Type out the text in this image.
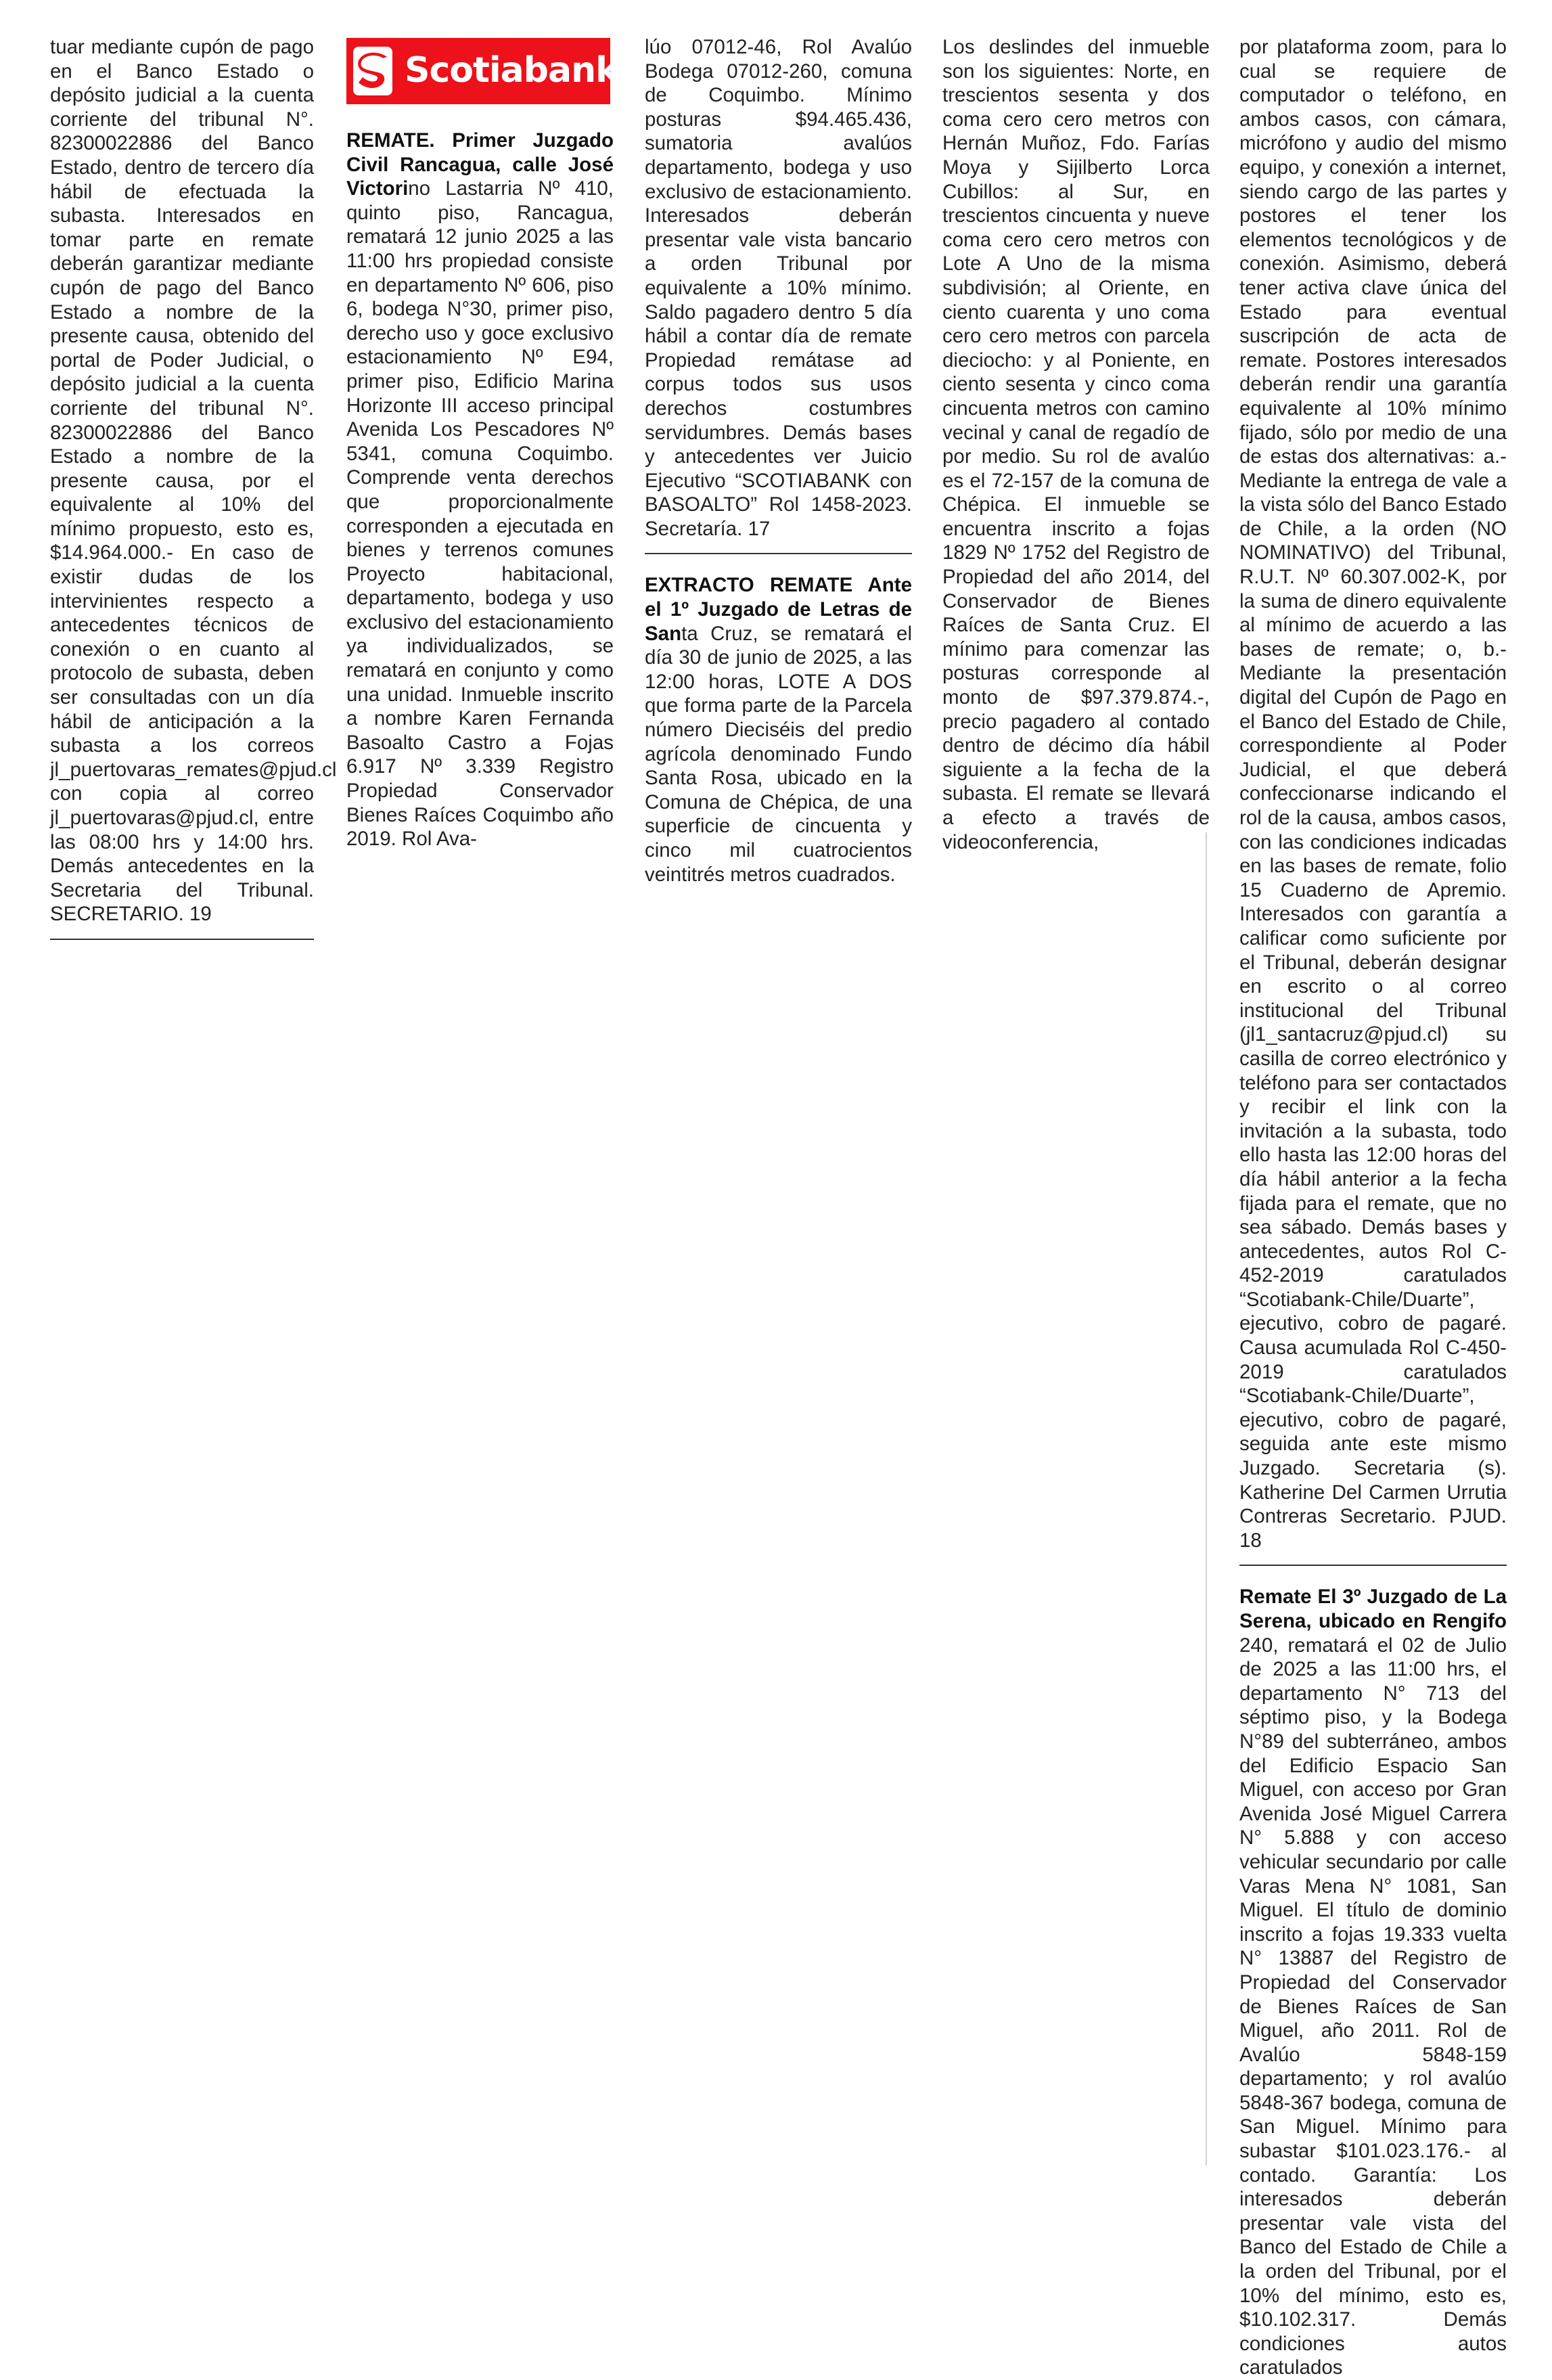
tuar mediante cupón de pago en el Banco Estado o depósito judicial a la cuenta corriente del tribunal N°. 82300022886 del Banco Estado, dentro de tercero día hábil de efectuada la subasta. Interesados en tomar parte en remate deberán garantizar mediante cupón de pago del Banco Estado a nombre de la presente causa, obtenido del portal de Poder Judicial, o depósito judicial a la cuenta corriente del tribunal N°. 82300022886 del Banco Estado a nombre de la presente causa, por el equivalente al 10% del mínimo propuesto, esto es, $14.964.000.- En caso de existir dudas de los intervinientes respecto a antecedentes técnicos de conexión o en cuanto al protocolo de subasta, deben ser consultadas con un día hábil de anticipación a la subasta a los correos jl_puertovaras_remates@pjud.cl con copia al correo jl_puertovaras@pjud.cl, entre las 08:00 hrs y 14:00 hrs. Demás antecedentes en la Secretaria del Tribunal. SECRETARIO. 19

Scotiabank ™

REMATE. Primer Juzgado Civil Rancagua, calle José Victorino Lastarria Nº 410, quinto piso, Rancagua, rematará 12 junio 2025 a las 11:00 hrs propiedad consiste en departamento Nº 606, piso 6, bodega N°30, primer piso, derecho uso y goce exclusivo estacionamiento Nº E94, primer piso, Edificio Marina Horizonte III acceso principal Avenida Los Pescadores Nº 5341, comuna Coquimbo. Comprende venta derechos que proporcionalmente corresponden a ejecutada en bienes y terrenos comunes Proyecto habitacional, departamento, bodega y uso exclusivo del estacionamiento ya individualizados, se rematará en conjunto y como una unidad. Inmueble inscrito a nombre Karen Fernanda Basoalto Castro a Fojas 6.917 Nº 3.339 Registro Propiedad Conservador Bienes Raíces Coquimbo año 2019. Rol Ava-

lúo 07012-46, Rol Avalúo Bodega 07012-260, comuna de Coquimbo. Mínimo posturas $94.465.436, sumatoria avalúos departamento, bodega y uso exclusivo de estacionamiento. Interesados deberán presentar vale vista bancario a orden Tribunal por equivalente a 10% mínimo. Saldo pagadero dentro 5 día hábil a contar día de remate Propiedad remátase ad corpus todos sus usos derechos costumbres servidumbres. Demás bases y antecedentes ver Juicio Ejecutivo “SCOTIABANK con BASOALTO” Rol 1458-2023. Secretaría. 17

EXTRACTO REMATE Ante el 1º Juzgado de Letras de Santa Cruz, se rematará el día 30 de junio de 2025, a las 12:00 horas, LOTE A DOS que forma parte de la Parcela número Dieciséis del predio agrícola denominado Fundo Santa Rosa, ubicado en la Comuna de Chépica, de una superficie de cincuenta y cinco mil cuatrocientos veintitrés metros cuadrados.

Los deslindes del inmueble son los siguientes: Norte, en trescientos sesenta y dos coma cero cero metros con Hernán Muñoz, Fdo. Farías Moya y Sijilberto Lorca Cubillos: al Sur, en trescientos cincuenta y nueve coma cero cero metros con Lote A Uno de la misma subdivisión; al Oriente, en ciento cuarenta y uno coma cero cero metros con parcela dieciocho: y al Poniente, en ciento sesenta y cinco coma cincuenta metros con camino vecinal y canal de regadío de por medio. Su rol de avalúo es el 72-157 de la comuna de Chépica. El inmueble se encuentra inscrito a fojas 1829 Nº 1752 del Registro de Propiedad del año 2014, del Conservador de Bienes Raíces de Santa Cruz. El mínimo para comenzar las posturas corresponde al monto de $97.379.874.-, precio pagadero al contado dentro de décimo día hábil siguiente a la fecha de la subasta. El remate se llevará a efecto a través de videoconferencia,

por plataforma zoom, para lo cual se requiere de computador o teléfono, en ambos casos, con cámara, micrófono y audio del mismo equipo, y conexión a internet, siendo cargo de las partes y postores el tener los elementos tecnológicos y de conexión. Asimismo, deberá tener activa clave única del Estado para eventual suscripción de acta de remate. Postores interesados deberán rendir una garantía equivalente al 10% mínimo fijado, sólo por medio de una de estas dos alternativas: a.- Mediante la entrega de vale a la vista sólo del Banco Estado de Chile, a la orden (NO NOMINATIVO) del Tribunal, R.U.T. Nº 60.307.002-K, por la suma de dinero equivalente al mínimo de acuerdo a las bases de remate; o, b.- Mediante la presentación digital del Cupón de Pago en el Banco del Estado de Chile, correspondiente al Poder Judicial, el que deberá confeccionarse indicando el rol de la causa, ambos casos, con las condiciones indicadas en las bases de remate, folio 15 Cuaderno de Apremio. Interesados con garantía a calificar como suficiente por el Tribunal, deberán designar en escrito o al correo institucional del Tribunal (jl1_santacruz@pjud.cl) su casilla de correo electrónico y teléfono para ser contactados y recibir el link con la invitación a la subasta, todo ello hasta las 12:00 horas del día hábil anterior a la fecha fijada para el remate, que no sea sábado. Demás bases y antecedentes, autos Rol C-452-2019 caratulados “Scotiabank-Chile/Duarte”, ejecutivo, cobro de pagaré. Causa acumulada Rol C-450-2019 caratulados “Scotiabank-Chile/Duarte”, ejecutivo, cobro de pagaré, seguida ante este mismo Juzgado. Secretaria (s). Katherine Del Carmen Urrutia Contreras Secretario. PJUD. 18

Remate El 3º Juzgado de La Serena, ubicado en Rengifo 240, rematará el 02 de Julio de 2025 a las 11:00 hrs, el departamento N° 713 del séptimo piso, y la Bodega N°89 del subterráneo, ambos del Edificio Espacio San Miguel, con acceso por Gran Avenida José Miguel Carrera N° 5.888 y con acceso vehicular secundario por calle Varas Mena N° 1081, San Miguel. El título de dominio inscrito a fojas 19.333 vuelta N° 13887 del Registro de Propiedad del Conservador de Bienes Raíces de San Miguel, año 2011. Rol de Avalúo 5848-159 departamento; y rol avalúo 5848-367 bodega, comuna de San Miguel. Mínimo para subastar $101.023.176.- al contado. Garantía: Los interesados deberán presentar vale vista del Banco del Estado de Chile a la orden del Tribunal, por el 10% del mínimo, esto es, $10.102.317. Demás condiciones autos caratulados
